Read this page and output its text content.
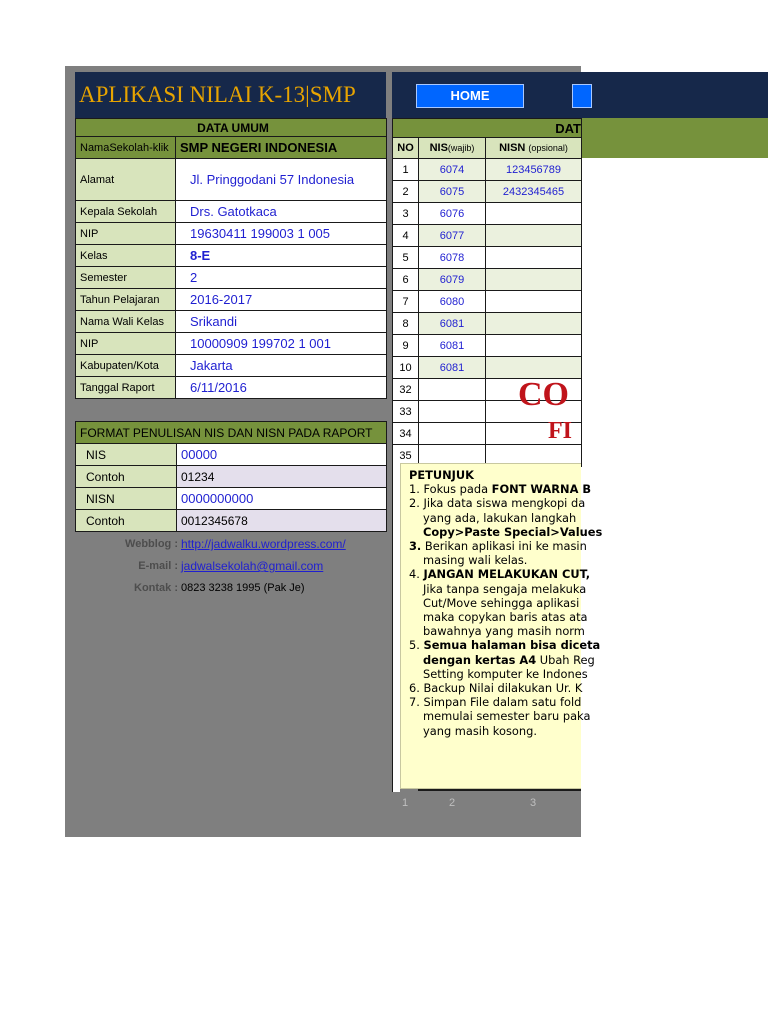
APLIKASI NILAI K-13|SMP	HOME
DATA UMUM	
NamaSekolah-klik	SMP NEGERI INDONESIA
Alamat	Jl. Pringgodani 57 Indonesia
Kepala Sekolah	Drs. Gatotkaca
NIP	19630411 199003 1 005
Kelas	8-E
Semester	2
Tahun Pelajaran	2016-2017
Nama Wali Kelas	Srikandi
NIP	10000909 199702 1 001
Kabupaten/Kota	Jakarta
Tanggal Raport	6/11/2016
FORMAT PENULISAN NIS DAN NISN PADA RAPORT	
NIS	00000
Contoh	01234
NISN	0000000000
Contoh	0012345678
Webblog : http://jadwalku.wordpress.com/
E-mail : jadwalsekolah@gmail.com
Kontak : 0823 3238 1995 (Pak Je)
DAT		
NO	NIS(wajib)	NISN (opsional)
1	6074	123456789
2	6075	2432345465
3	6076	
4	6077	
5	6078	
6	6079	
7	6080	
8	6081	
9	6081	
10	6081	
32		
33		
34		
35		
CO
FI
PETUNJUK
1. Fokus pada FONT WARNA B
2. Jika data siswa mengkopi da
yang ada, lakukan langkah
Copy>Paste Special>Values
3. Berikan aplikasi ini ke masin
masing wali kelas.
4. JANGAN MELAKUKAN CUT,
Jika tanpa sengaja melakuka
Cut/Move sehingga aplikasi
maka copykan baris atas ata
bawahnya yang masih norm
5. Semua halaman bisa diceta
dengan kertas A4 Ubah Reg
Setting komputer ke Indones
6. Backup Nilai dilakukan Ur. K
7. Simpan File dalam satu fold
memulai semester baru paka
yang masih kosong.
1	2	3
